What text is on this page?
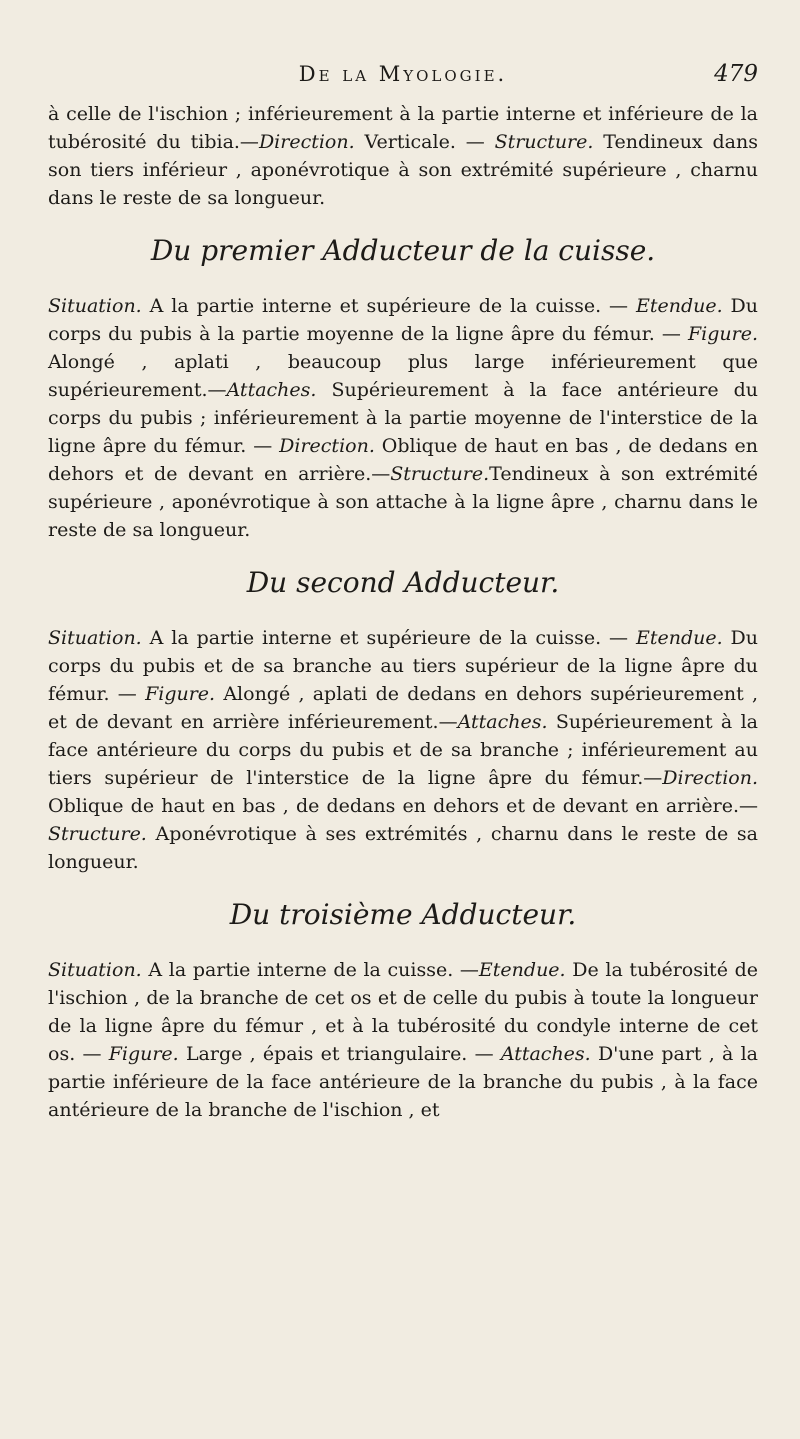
De la Myologie.	479

à celle de l'ischion ; inférieurement à la partie interne et inférieure de la tubérosité du tibia.—Direction. Verticale. — Structure. Tendineux dans son tiers inférieur , aponévrotique à son extrémité supérieure , charnu dans le reste de sa longueur.

Du premier Adducteur de la cuisse.

Situation. A la partie interne et supérieure de la cuisse. — Etendue. Du corps du pubis à la partie moyenne de la ligne âpre du fémur. — Figure. Alongé , aplati , beaucoup plus large inférieurement que supérieurement.—Attaches. Supérieurement à la face antérieure du corps du pubis ; inférieurement à la partie moyenne de l'interstice de la ligne âpre du fémur. — Direction. Oblique de haut en bas , de dedans en dehors et de devant en arrière.—Structure.Tendineux à son extrémité supérieure , aponévrotique à son attache à la ligne âpre , charnu dans le reste de sa longueur.

Du second Adducteur.

Situation. A la partie interne et supérieure de la cuisse. — Etendue. Du corps du pubis et de sa branche au tiers supérieur de la ligne âpre du fémur. — Figure. Alongé , aplati de dedans en dehors supérieurement , et de devant en arrière inférieurement.—Attaches. Supérieurement à la face antérieure du corps du pubis et de sa branche ; inférieurement au tiers supérieur de l'interstice de la ligne âpre du fémur.—Direction. Oblique de haut en bas , de dedans en dehors et de devant en arrière.—Structure. Aponévrotique à ses extrémités , charnu dans le reste de sa longueur.

Du troisième Adducteur.

Situation. A la partie interne de la cuisse. —Etendue. De la tubérosité de l'ischion , de la branche de cet os et de celle du pubis à toute la longueur de la ligne âpre du fémur , et à la tubérosité du condyle interne de cet os. — Figure. Large , épais et triangulaire. — Attaches. D'une part , à la partie inférieure de la face antérieure de la branche du pubis , à la face antérieure de la branche de l'ischion , et
